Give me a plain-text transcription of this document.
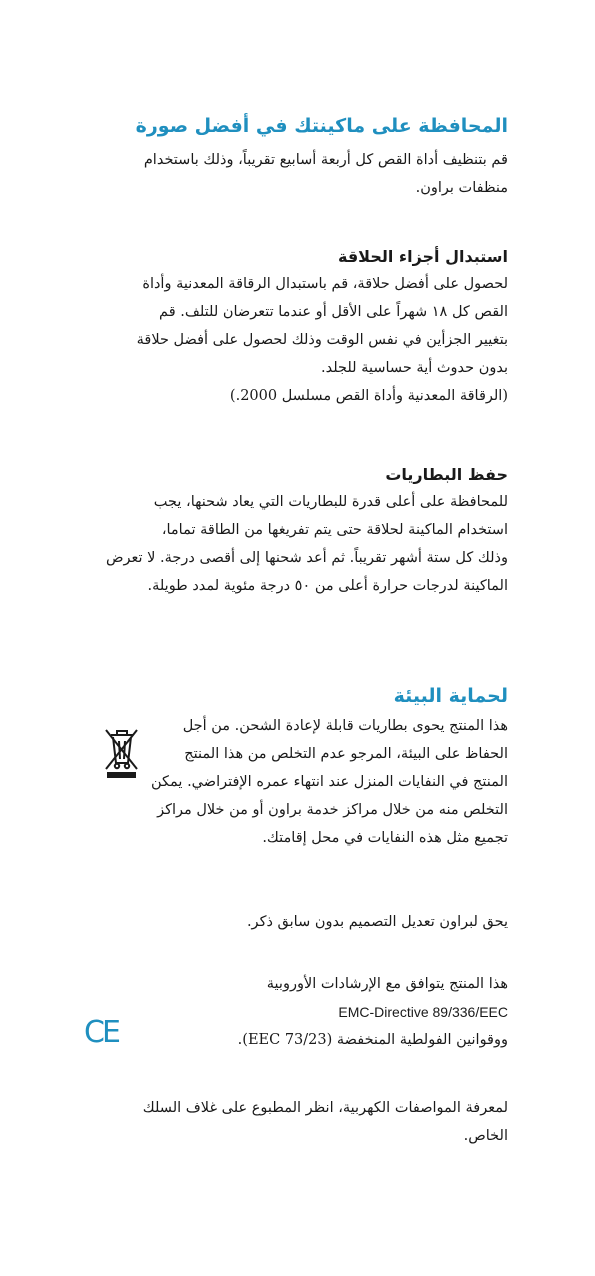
المحافظة على ماكينتك في أفضل صورة
قم بتنظيف أداة القص كل أربعة أسابيع تقريباً، وذلك باستخدام
منظفات براون.
استبدال أجزاء الحلاقة
لحصول على أفضل حلاقة، قم باستبدال الرقاقة المعدنية وأداة
القص كل ١٨ شهراً على الأقل أو عندما تتعرضان للتلف. قم
بتغيير الجزأين في نفس الوقت وذلك لحصول على أفضل حلاقة
بدون حدوث أية حساسية للجلد.
(الرقاقة المعدنية وأداة القص مسلسل 2000.)
حفظ البطاريات
للمحافظة على أعلى قدرة للبطاريات التي يعاد شحنها، يجب
استخدام الماكينة لحلاقة حتى يتم تفريغها من الطاقة تماما،
وذلك كل ستة أشهر تقريباً. ثم أعد شحنها إلى أقصى درجة. لا تعرض
الماكينة لدرجات حرارة أعلى من ٥٠ درجة مئوية لمدد طويلة.
لحماية البيئة
هذا المنتج يحوى بطاريات قابلة لإعادة الشحن. من أجل
الحفاظ على البيئة، المرجو عدم التخلص من هذا المنتج
المنتج في النفايات المنزل عند انتهاء عمره الإفتراضي. يمكن
التخلص منه من خلال مراكز خدمة براون أو من خلال مراكز
تجميع مثل هذه النفايات في محل إقامتك.
يحق لبراون تعديل التصميم بدون سابق ذكر.
هذا المنتج يتوافق مع الإرشادات الأوروبية
EMC-Directive 89/336/EEC
ووقوانين الفولطية المنخفضة (73/23 EEC).
CE
لمعرفة المواصفات الكهربية، انظر المطبوع على غلاف السلك
الخاص.
